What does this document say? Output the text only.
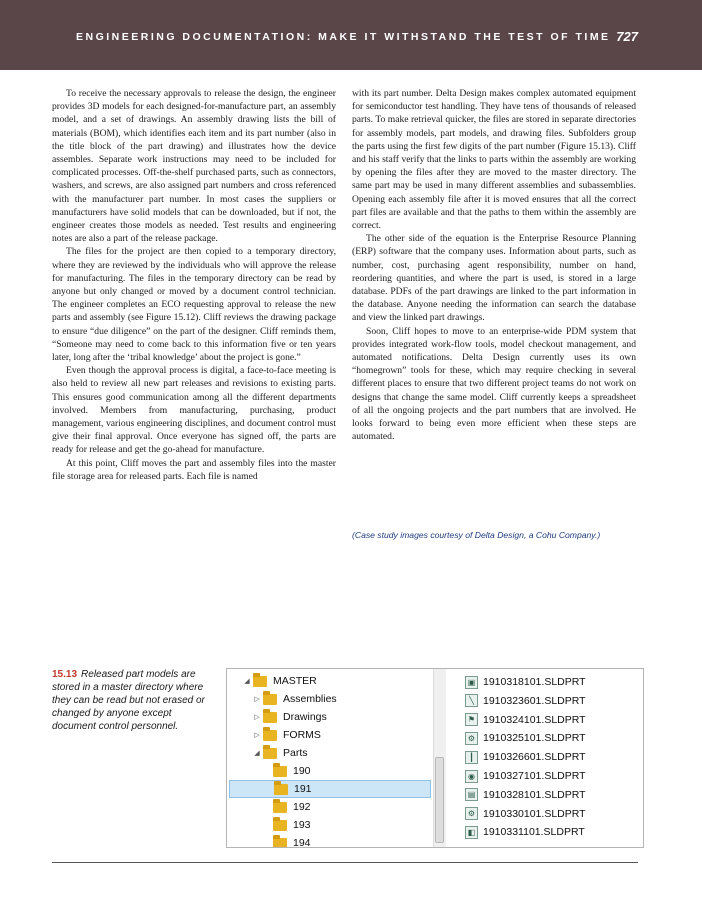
ENGINEERING DOCUMENTATION: MAKE IT WITHSTAND THE TEST OF TIME 727

To receive the necessary approvals to release the design, the engineer provides 3D models for each designed-for-manufacture part, an assembly model, and a set of drawings. An assembly drawing lists the bill of materials (BOM), which identifies each item and its part number (also in the title block of the part drawing) and illustrates how the device assembles. Separate work instructions may need to be included for complicated processes. Off-the-shelf purchased parts, such as connectors, washers, and screws, are also assigned part numbers and cross referenced with the manufacturer part number. In most cases the suppliers or manufacturers have solid models that can be downloaded, but if not, the engineer creates those models as needed. Test results and engineering notes are also a part of the release package.

The files for the project are then copied to a temporary directory, where they are reviewed by the individuals who will approve the release for manufacturing. The files in the temporary directory can be read by anyone but only changed or moved by a document control technician. The engineer completes an ECO requesting approval to release the new parts and assembly (see Figure 15.12). Cliff reviews the drawing package to ensure “due diligence” on the part of the designer. Cliff reminds them, “Someone may need to come back to this information five or ten years later, long after the ‘tribal knowledge’ about the project is gone.”

Even though the approval process is digital, a face-to-face meeting is also held to review all new part releases and revisions to existing parts. This ensures good communication among all the different departments involved. Members from manufacturing, purchasing, product management, various engineering disciplines, and document control must give their final approval. Once everyone has signed off, the parts are ready for release and get the go-ahead for manufacture.

At this point, Cliff moves the part and assembly files into the master file storage area for released parts. Each file is named

with its part number. Delta Design makes complex automated equipment for semiconductor test handling. They have tens of thousands of released parts. To make retrieval quicker, the files are stored in separate directories for assembly models, part models, and drawing files. Subfolders group the parts using the first few digits of the part number (Figure 15.13). Cliff and his staff verify that the links to parts within the assembly are working by opening the files after they are moved to the master directory. The same part may be used in many different assemblies and subassemblies. Opening each assembly file after it is moved ensures that all the correct part files are available and that the paths to them within the assembly are correct.

The other side of the equation is the Enterprise Resource Planning (ERP) software that the company uses. Information about parts, such as number, cost, purchasing agent responsibility, number on hand, reordering quantities, and where the part is used, is stored in a large database. PDFs of the part drawings are linked to the part information in the database. Anyone needing the information can search the database and view the linked part drawings.

Soon, Cliff hopes to move to an enterprise-wide PDM system that provides integrated work-flow tools, model checkout management, and automated notifications. Delta Design currently uses its own “homegrown” tools for these, which may require checking in several different places to ensure that two different project teams do not work on designs that change the same model. Cliff currently keeps a spreadsheet of all the ongoing projects and the part numbers that are involved. He looks forward to being even more efficient when these steps are automated.

(Case study images courtesy of Delta Design, a Cohu Company.)
15.13 Released part models are stored in a master directory where they can be read but not erased or changed by anyone except document control personnel.
◢	MASTER
▷	Assemblies
▷	Drawings
▷	FORMS
◢	Parts
190
191
192
193
194
▣ 1910318101.SLDPRT
╲ 1910323601.SLDPRT
⚑ 1910324101.SLDPRT
⚙ 1910325101.SLDPRT
┃ 1910326601.SLDPRT
◉ 1910327101.SLDPRT
▤ 1910328101.SLDPRT
⚙ 1910330101.SLDPRT
◧ 1910331101.SLDPRT
